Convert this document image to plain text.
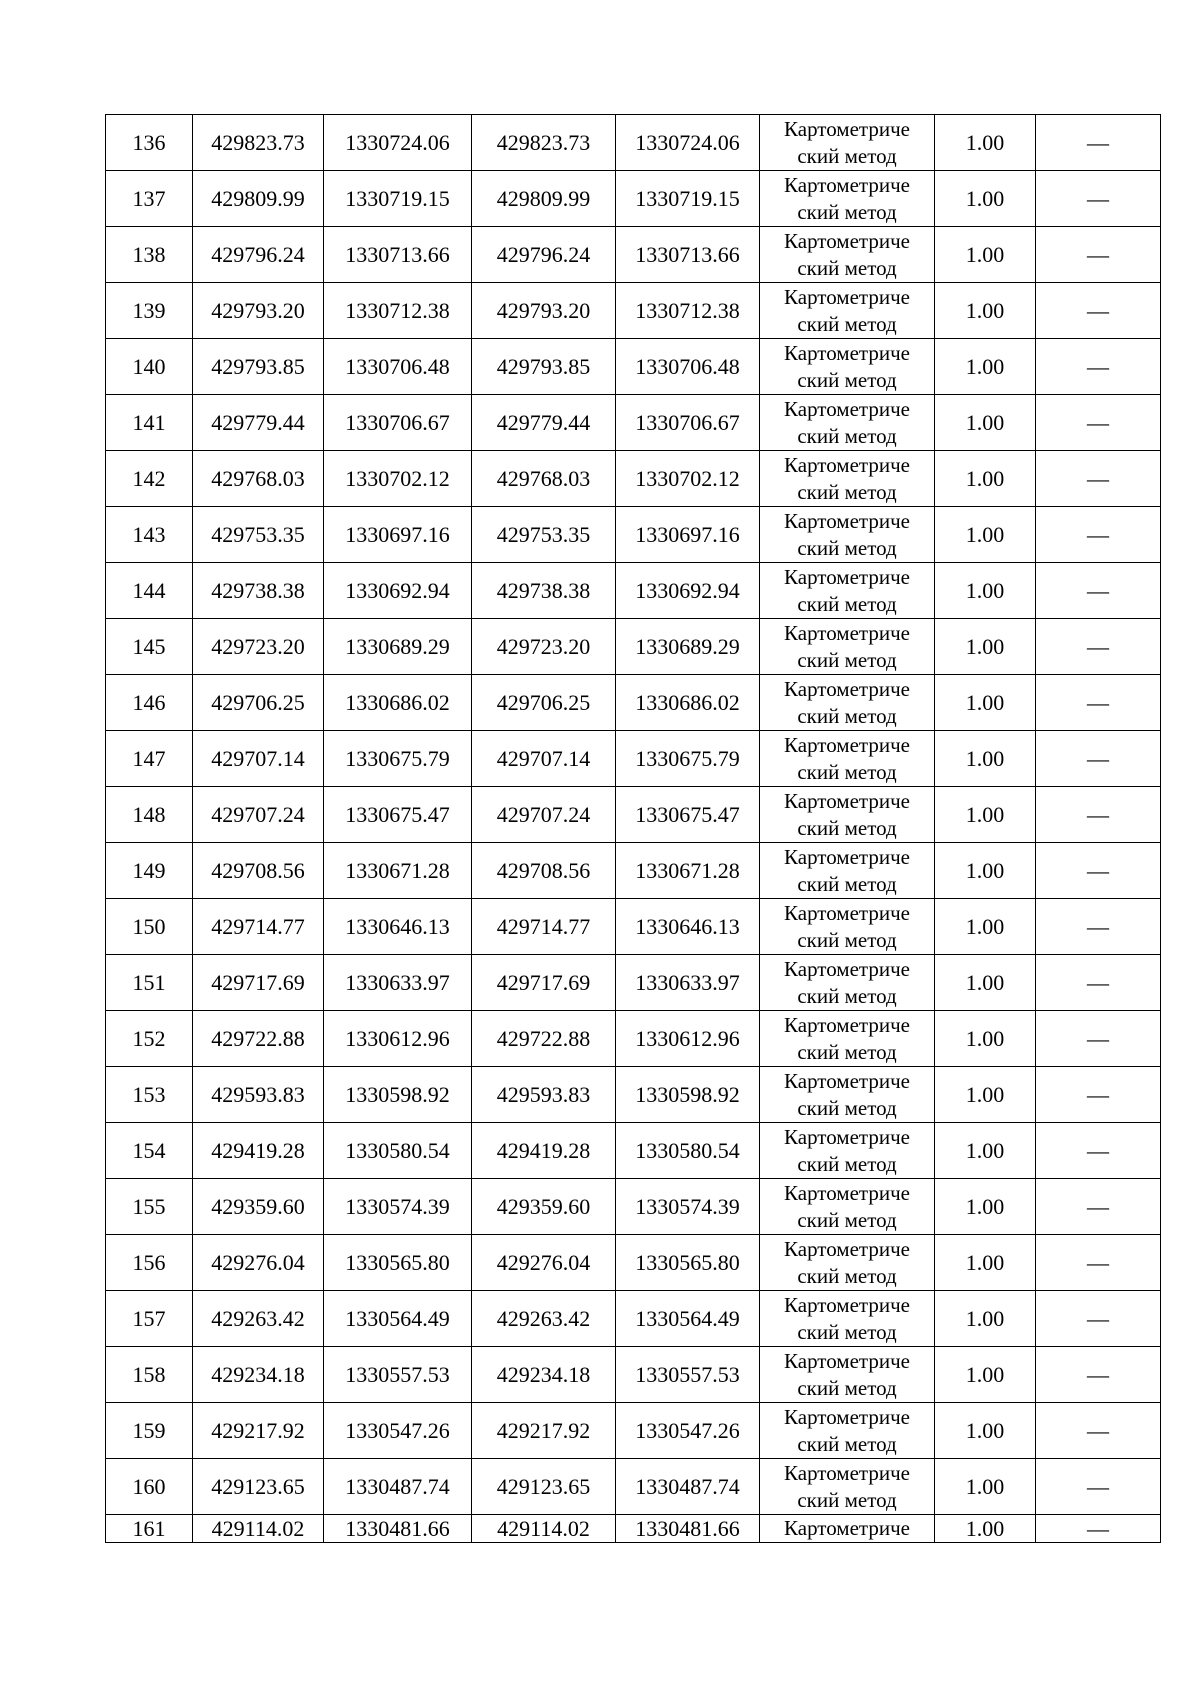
136	429823.73	1330724.06	429823.73	1330724.06	Картометриче
ский метод	1.00	—
137	429809.99	1330719.15	429809.99	1330719.15	Картометриче
ский метод	1.00	—
138	429796.24	1330713.66	429796.24	1330713.66	Картометриче
ский метод	1.00	—
139	429793.20	1330712.38	429793.20	1330712.38	Картометриче
ский метод	1.00	—
140	429793.85	1330706.48	429793.85	1330706.48	Картометриче
ский метод	1.00	—
141	429779.44	1330706.67	429779.44	1330706.67	Картометриче
ский метод	1.00	—
142	429768.03	1330702.12	429768.03	1330702.12	Картометриче
ский метод	1.00	—
143	429753.35	1330697.16	429753.35	1330697.16	Картометриче
ский метод	1.00	—
144	429738.38	1330692.94	429738.38	1330692.94	Картометриче
ский метод	1.00	—
145	429723.20	1330689.29	429723.20	1330689.29	Картометриче
ский метод	1.00	—
146	429706.25	1330686.02	429706.25	1330686.02	Картометриче
ский метод	1.00	—
147	429707.14	1330675.79	429707.14	1330675.79	Картометриче
ский метод	1.00	—
148	429707.24	1330675.47	429707.24	1330675.47	Картометриче
ский метод	1.00	—
149	429708.56	1330671.28	429708.56	1330671.28	Картометриче
ский метод	1.00	—
150	429714.77	1330646.13	429714.77	1330646.13	Картометриче
ский метод	1.00	—
151	429717.69	1330633.97	429717.69	1330633.97	Картометриче
ский метод	1.00	—
152	429722.88	1330612.96	429722.88	1330612.96	Картометриче
ский метод	1.00	—
153	429593.83	1330598.92	429593.83	1330598.92	Картометриче
ский метод	1.00	—
154	429419.28	1330580.54	429419.28	1330580.54	Картометриче
ский метод	1.00	—
155	429359.60	1330574.39	429359.60	1330574.39	Картометриче
ский метод	1.00	—
156	429276.04	1330565.80	429276.04	1330565.80	Картометриче
ский метод	1.00	—
157	429263.42	1330564.49	429263.42	1330564.49	Картометриче
ский метод	1.00	—
158	429234.18	1330557.53	429234.18	1330557.53	Картометриче
ский метод	1.00	—
159	429217.92	1330547.26	429217.92	1330547.26	Картометриче
ский метод	1.00	—
160	429123.65	1330487.74	429123.65	1330487.74	Картометриче
ский метод	1.00	—
161	429114.02	1330481.66	429114.02	1330481.66	Картометриче	1.00	—
